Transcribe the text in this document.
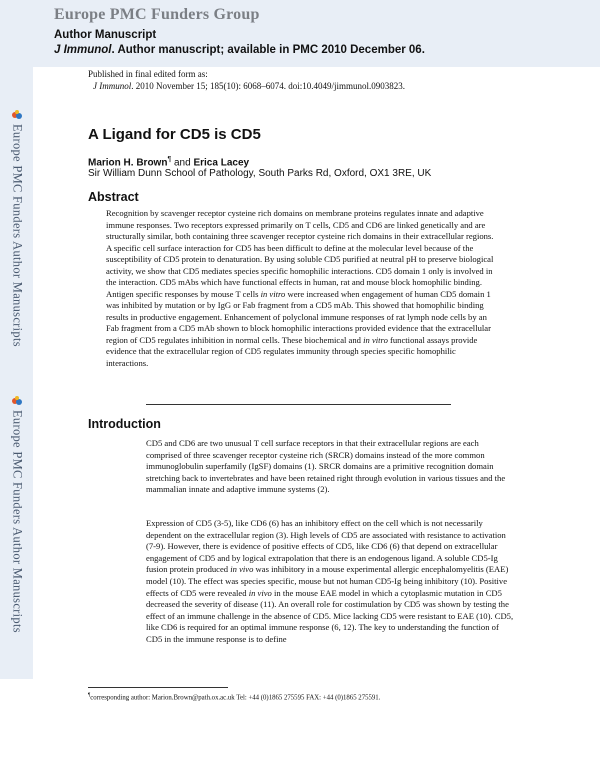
Europe PMC Funders Group
Author Manuscript
J Immunol. Author manuscript; available in PMC 2010 December 06.
Europe PMC Funders Author Manuscripts
Europe PMC Funders Author Manuscripts
Published in final edited form as:
J Immunol. 2010 November 15; 185(10): 6068–6074. doi:10.4049/jimmunol.0903823.
A Ligand for CD5 is CD5
Marion H. Brown¶ and Erica Lacey
Sir William Dunn School of Pathology, South Parks Rd, Oxford, OX1 3RE, UK
Abstract
Recognition by scavenger receptor cysteine rich domains on membrane proteins regulates innate and adaptive immune responses. Two receptors expressed primarily on T cells, CD5 and CD6 are linked genetically and are structurally similar, both containing three scavenger receptor cysteine rich domains in their extracellular regions. A specific cell surface interaction for CD5 has been difficult to define at the molecular level because of the susceptibility of CD5 protein to denaturation. By using soluble CD5 purified at neutral pH to preserve biological activity, we show that CD5 mediates species specific homophilic interactions. CD5 domain 1 only is involved in the interaction. CD5 mAbs which have functional effects in human, rat and mouse block homophilic binding. Antigen specific responses by mouse T cells in vitro were increased when engagement of human CD5 domain 1 was inhibited by mutation or by IgG or Fab fragment from a CD5 mAb. This showed that homophilic binding results in productive engagement. Enhancement of polyclonal immune responses of rat lymph node cells by an Fab fragment from a CD5 mAb shown to block homophilic interactions provided evidence that the extracellular region of CD5 regulates inhibition in normal cells. These biochemical and in vitro functional assays provide evidence that the extracellular region of CD5 regulates immunity through species specific homophilic interactions.
Introduction
CD5 and CD6 are two unusual T cell surface receptors in that their extracellular regions are each comprised of three scavenger receptor cysteine rich (SRCR) domains instead of the more common immunoglobulin superfamily (IgSF) domains (1). SRCR domains are a primitive recognition domain stretching back to invertebrates and have been retained right through evolution in various tissues and the mammalian innate and adaptive immune systems (2).
Expression of CD5 (3-5), like CD6 (6) has an inhibitory effect on the cell which is not necessarily dependent on the extracellular region (3). High levels of CD5 are associated with resistance to activation (7-9). However, there is evidence of positive effects of CD5, like CD6 (6) that depend on extracellular engagement of CD5 and by logical extrapolation that there is an endogenous ligand. A soluble CD5-Ig fusion protein produced in vivo was inhibitory in a mouse experimental allergic encephalomyelitis (EAE) model (10). The effect was species specific, mouse but not human CD5-Ig being inhibitory (10). Positive effects of CD5 were revealed in vivo in the mouse EAE model in which a cytoplasmic mutation in CD5 decreased the severity of disease (11). An overall role for costimulation by CD5 was shown by testing the effect of an immune challenge in the absence of CD5. Mice lacking CD5 were resistant to EAE (10). CD5, like CD6 is required for an optimal immune response (6, 12). The key to understanding the function of CD5 in the immune response is to define
¶corresponding author: Marion.Brown@path.ox.ac.uk Tel: +44 (0)1865 275595 FAX: +44 (0)1865 275591.
